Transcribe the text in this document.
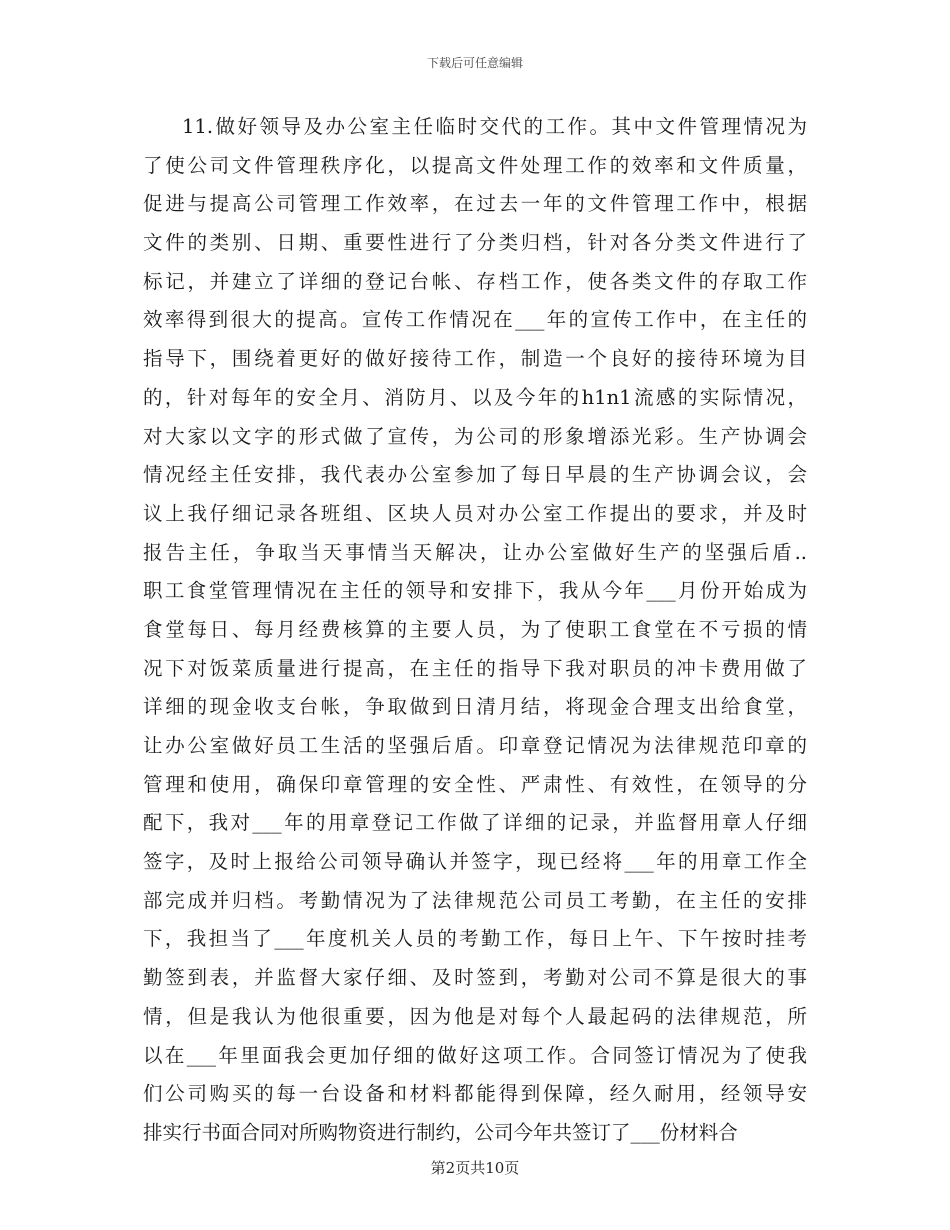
下载后可任意编辑
11.做好领导及办公室主任临时交代的工作。其中文件管理情况为
了使公司文件管理秩序化，以提高文件处理工作的效率和文件质量，
促进与提高公司管理工作效率，在过去一年的文件管理工作中，根据
文件的类别、日期、重要性进行了分类归档，针对各分类文件进行了
标记，并建立了详细的登记台帐、存档工作，使各类文件的存取工作
效率得到很大的提高。宣传工作情况在___年的宣传工作中，在主任的
指导下，围绕着更好的做好接待工作，制造一个良好的接待环境为目
的，针对每年的安全月、消防月、以及今年的h1n1流感的实际情况，
对大家以文字的形式做了宣传，为公司的形象增添光彩。生产协调会
情况经主任安排，我代表办公室参加了每日早晨的生产协调会议，会
议上我仔细记录各班组、区块人员对办公室工作提出的要求，并及时
报告主任，争取当天事情当天解决，让办公室做好生产的坚强后盾..
职工食堂管理情况在主任的领导和安排下，我从今年___月份开始成为
食堂每日、每月经费核算的主要人员，为了使职工食堂在不亏损的情
况下对饭菜质量进行提高，在主任的指导下我对职员的冲卡费用做了
详细的现金收支台帐，争取做到日清月结，将现金合理支出给食堂，
让办公室做好员工生活的坚强后盾。印章登记情况为法律规范印章的
管理和使用，确保印章管理的安全性、严肃性、有效性，在领导的分
配下，我对___年的用章登记工作做了详细的记录，并监督用章人仔细
签字，及时上报给公司领导确认并签字，现已经将___年的用章工作全
部完成并归档。考勤情况为了法律规范公司员工考勤，在主任的安排
下，我担当了___年度机关人员的考勤工作，每日上午、下午按时挂考
勤签到表，并监督大家仔细、及时签到，考勤对公司不算是很大的事
情，但是我认为他很重要，因为他是对每个人最起码的法律规范，所
以在___年里面我会更加仔细的做好这项工作。合同签订情况为了使我
们公司购买的每一台设备和材料都能得到保障，经久耐用，经领导安
排实行书面合同对所购物资进行制约，公司今年共签订了___份材料合
第2页共10页
